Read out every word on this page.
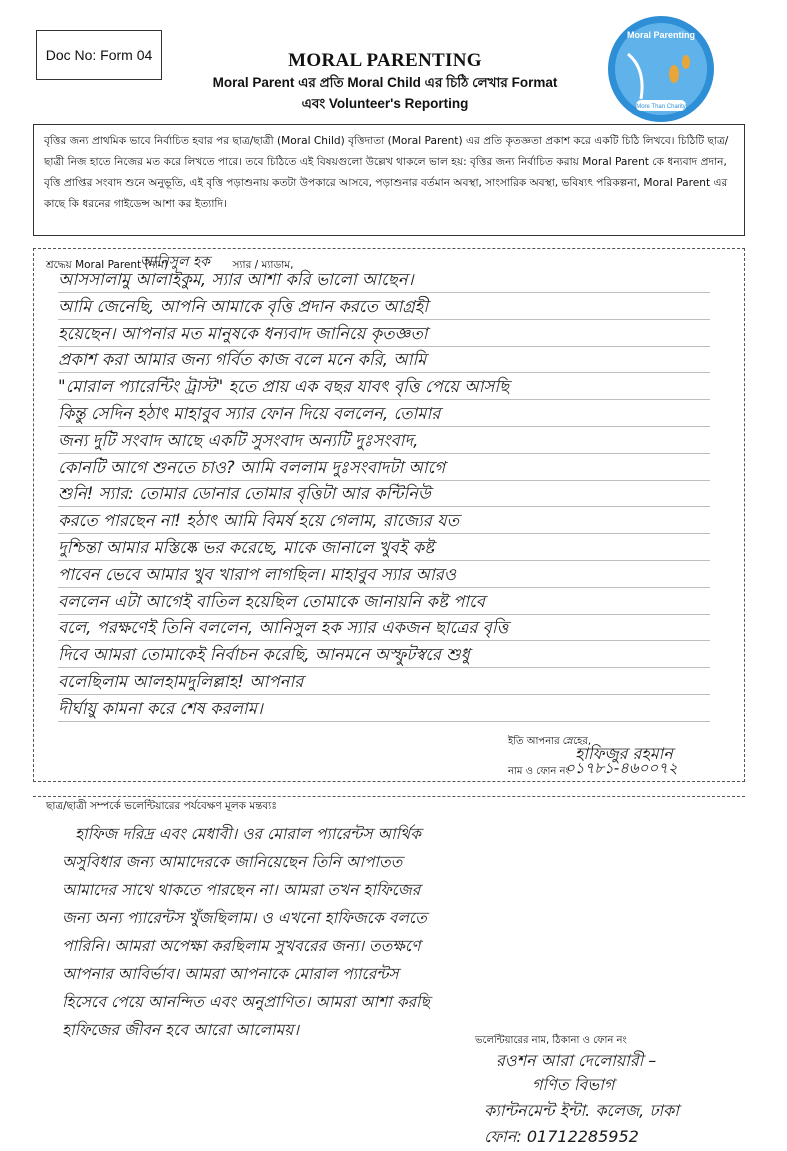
Doc No: Form 04	MORAL PARENTING
Moral Parent এর প্রতি Moral Child এর চিঠি লেখার Format
এবং Volunteer's Reporting
Moral Parenting
More Than Charity
বৃত্তির জন্য প্রাথমিক ভাবে নির্বাচিত হবার পর ছাত্র/ছাত্রী (Moral Child) বৃত্তিদাতা (Moral Parent) এর প্রতি কৃতজ্ঞতা প্রকাশ করে একটি চিঠি লিখবে। চিঠিটি ছাত্র/ছাত্রী নিজ হাতে নিজের মত করে লিখতে পারে। তবে চিঠিতে এই বিষয়গুলো উল্লেখ থাকলে ভাল হয়: বৃত্তির জন্য নির্বাচিত করায় Moral Parent কে ধন্যবাদ প্রদান, বৃত্তি প্রাপ্তির সংবাদ শুনে অনুভূতি, এই বৃত্তি পড়াশুনায় কতটা উপকারে আসবে, পড়াশুনার বর্তমান অবস্থা, সাংসারিক অবস্থা, ভবিষ্যৎ পরিকল্পনা, Moral Parent এর কাছে কি ধরনের গাইডেন্স আশা কর ইত্যাদি।
শ্রদ্ধেয় Moral Parent (নাম)	স্যার / ম্যাডাম,
আনিসুল হক
আসসালামু আলাইকুম, স্যার আশা করি ভালো আছেন।
আমি জেনেছি, আপনি আমাকে বৃত্তি প্রদান করতে আগ্রহী
হয়েছেন। আপনার মত মানুষকে ধন্যবাদ জানিয়ে কৃতজ্ঞতা
প্রকাশ করা আমার জন্য গর্বিত কাজ বলে মনে করি, আমি
"মোরাল প্যারেন্টিং ট্রাস্ট" হতে প্রায় এক বছর যাবৎ বৃত্তি পেয়ে আসছি
কিন্তু সেদিন হঠাৎ মাহাবুব স্যার ফোন দিয়ে বললেন, তোমার
জন্য দুটি সংবাদ আছে একটি সুসংবাদ অন্যটি দুঃসংবাদ,
কোনটি আগে শুনতে চাও? আমি বললাম দুঃসংবাদটা আগে
শুনি! স্যার: তোমার ডোনার তোমার বৃত্তিটা আর কন্টিনিউ
করতে পারছেন না! হঠাৎ আমি বিমর্ষ হয়ে গেলাম, রাজ্যের যত
দুশ্চিন্তা আমার মস্তিষ্কে ভর করেছে, মাকে জানালে খুবই কষ্ট
পাবেন ভেবে আমার খুব খারাপ লাগছিল। মাহাবুব স্যার আরও
বললেন এটা আগেই বাতিল হয়েছিল তোমাকে জানায়নি কষ্ট পাবে
বলে, পরক্ষণেই তিনি বললেন, আনিসুল হক স্যার একজন ছাত্রের বৃত্তি
দিবে আমরা তোমাকেই নির্বাচন করেছি, আনমনে অস্ফুটস্বরে শুধু
বলেছিলাম আলহামদুলিল্লাহ! আপনার
দীর্ঘায়ু কামনা করে শেষ করলাম।
ইতি আপনার স্নেহের,
হাফিজুর রহমান
নাম ও ফোন নং
০১৭৮১-৪৬০০৭২
ছাত্র/ছাত্রী সম্পর্কে ভলেন্টিয়ারের পর্যবেক্ষণ মূলক মন্তব্যঃ
হাফিজ দরিদ্র এবং মেধাবী। ওর মোরাল প্যারেন্টস আর্থিক
অসুবিধার জন্য আমাদেরকে জানিয়েছেন তিনি আপাতত
আমাদের সাথে থাকতে পারছেন না। আমরা তখন হাফিজের
জন্য অন্য প্যারেন্টস খুঁজছিলাম। ও এখনো হাফিজকে বলতে
পারিনি। আমরা অপেক্ষা করছিলাম সুখবরের জন্য। ততক্ষণে
আপনার আবির্ভাব। আমরা আপনাকে মোরাল প্যারেন্টস
হিসেবে পেয়ে আনন্দিত এবং অনুপ্রাণিত। আমরা আশা করছি
হাফিজের জীবন হবে আরো আলোময়।
ভলেন্টিয়ারের নাম, ঠিকানা ও ফোন নং
রওশন আরা দেলোয়ারী –
গণিত বিভাগ
ক্যান্টনমেন্ট ইন্টা. কলেজ, ঢাকা
ফোন: 01712285952
